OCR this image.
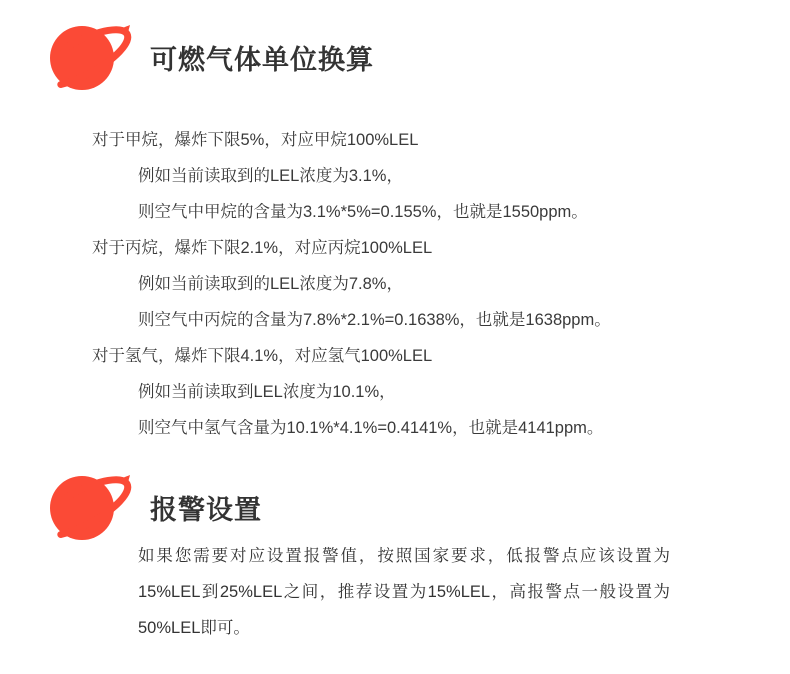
可燃气体单位换算
对于甲烷，爆炸下限5%，对应甲烷100%LEL
例如当前读取到的LEL浓度为3.1%，
则空气中甲烷的含量为3.1%*5%=0.155%，也就是1550ppm。
对于丙烷，爆炸下限2.1%，对应丙烷100%LEL
例如当前读取到的LEL浓度为7.8%，
则空气中丙烷的含量为7.8%*2.1%=0.1638%，也就是1638ppm。
对于氢气，爆炸下限4.1%，对应氢气100%LEL
例如当前读取到LEL浓度为10.1%，
则空气中氢气含量为10.1%*4.1%=0.4141%，也就是4141ppm。
报警设置
如果您需要对应设置报警值，按照国家要求，低报警点应该设置为15%LEL到25%LEL之间，推荐设置为15%LEL，高报警点一般设置为50%LEL即可。
